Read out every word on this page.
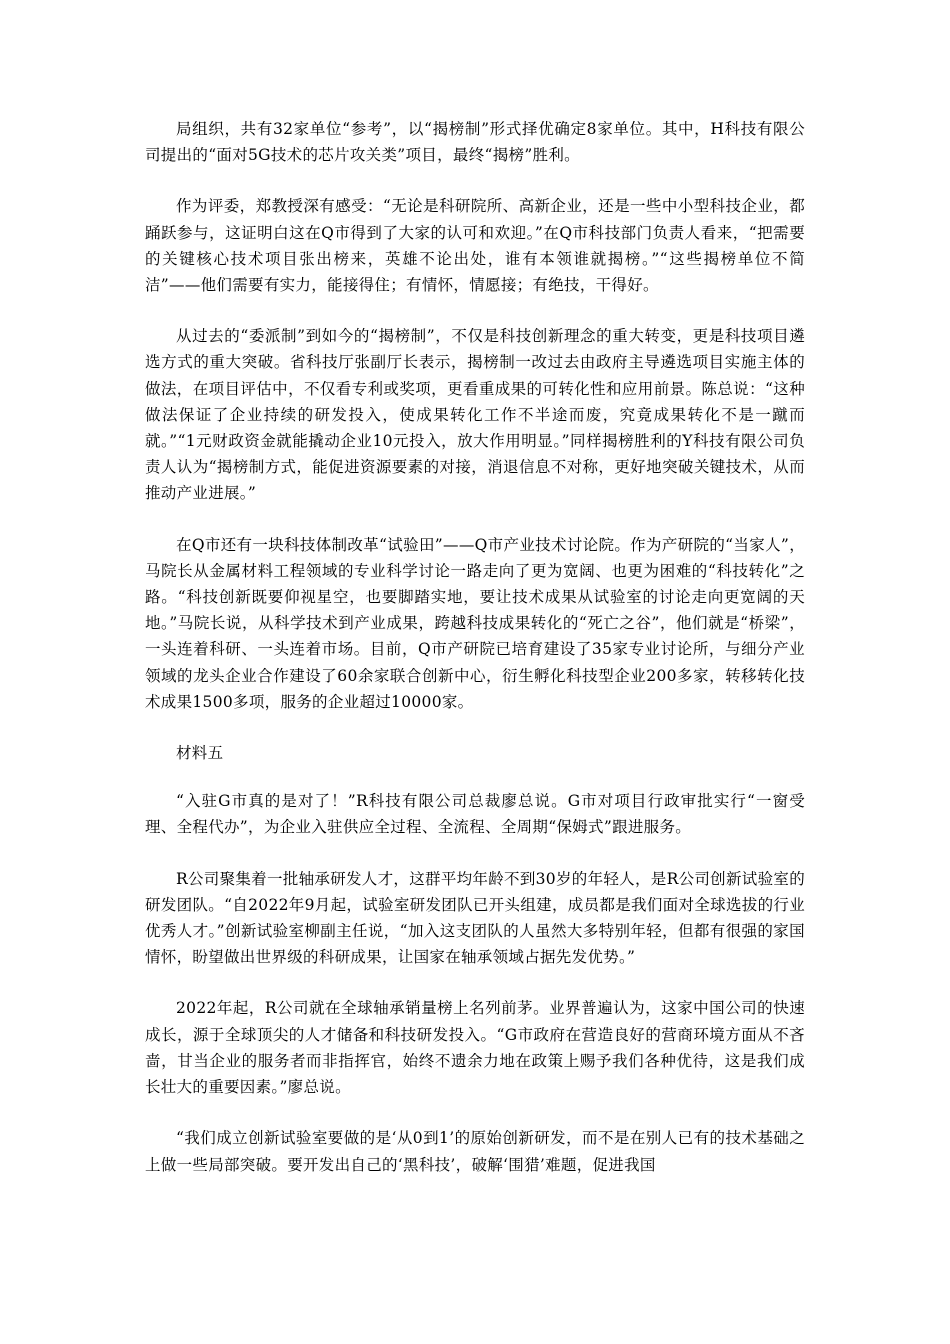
局组织，共有32家单位“参考”，以“揭榜制”形式择优确定8家单位。其中，H科技有限公司提出的“面对5G技术的芯片攻关类”项目，最终“揭榜”胜利。

作为评委，郑教授深有感受：“无论是科研院所、高新企业，还是一些中小型科技企业，都踊跃参与，这证明白这在Q市得到了大家的认可和欢迎。”在Q市科技部门负责人看来，“把需要的关键核心技术项目张出榜来，英雄不论出处，谁有本领谁就揭榜。”“这些揭榜单位不简洁”——他们需要有实力，能接得住；有情怀，情愿接；有绝技，干得好。

从过去的“委派制”到如今的“揭榜制”，不仅是科技创新理念的重大转变，更是科技项目遴选方式的重大突破。省科技厅张副厅长表示，揭榜制一改过去由政府主导遴选项目实施主体的做法，在项目评估中，不仅看专利或奖项，更看重成果的可转化性和应用前景。陈总说：“这种做法保证了企业持续的研发投入，使成果转化工作不半途而废，究竟成果转化不是一蹴而就。”“1元财政资金就能撬动企业10元投入，放大作用明显。”同样揭榜胜利的Y科技有限公司负责人认为“揭榜制方式，能促进资源要素的对接，消退信息不对称，更好地突破关键技术，从而推动产业进展。”

在Q市还有一块科技体制改革“试验田”——Q市产业技术讨论院。作为产研院的“当家人”，马院长从金属材料工程领域的专业科学讨论一路走向了更为宽阔、也更为困难的“科技转化”之路。“科技创新既要仰视星空，也要脚踏实地，要让技术成果从试验室的讨论走向更宽阔的天地。”马院长说，从科学技术到产业成果，跨越科技成果转化的“死亡之谷”，他们就是“桥梁”，一头连着科研、一头连着市场。目前，Q市产研院已培育建设了35家专业讨论所，与细分产业领域的龙头企业合作建设了60余家联合创新中心，衍生孵化科技型企业200多家，转移转化技术成果1500多项，服务的企业超过10000家。

材料五

“入驻G市真的是对了！”R科技有限公司总裁廖总说。G市对项目行政审批实行“一窗受理、全程代办”，为企业入驻供应全过程、全流程、全周期“保姆式”跟进服务。

R公司聚集着一批轴承研发人才，这群平均年龄不到30岁的年轻人，是R公司创新试验室的研发团队。“自2022年9月起，试验室研发团队已开头组建，成员都是我们面对全球选拔的行业优秀人才。”创新试验室柳副主任说，“加入这支团队的人虽然大多特别年轻，但都有很强的家国情怀，盼望做出世界级的科研成果，让国家在轴承领域占据先发优势。”

2022年起，R公司就在全球轴承销量榜上名列前茅。业界普遍认为，这家中国公司的快速成长，源于全球顶尖的人才储备和科技研发投入。“G市政府在营造良好的营商环境方面从不吝啬，甘当企业的服务者而非指挥官，始终不遗余力地在政策上赐予我们各种优待，这是我们成长壮大的重要因素。”廖总说。

“我们成立创新试验室要做的是‘从0到1’的原始创新研发，而不是在别人已有的技术基础之上做一些局部突破。要开发出自己的‘黑科技’，破解‘围猎’难题，促进我国
